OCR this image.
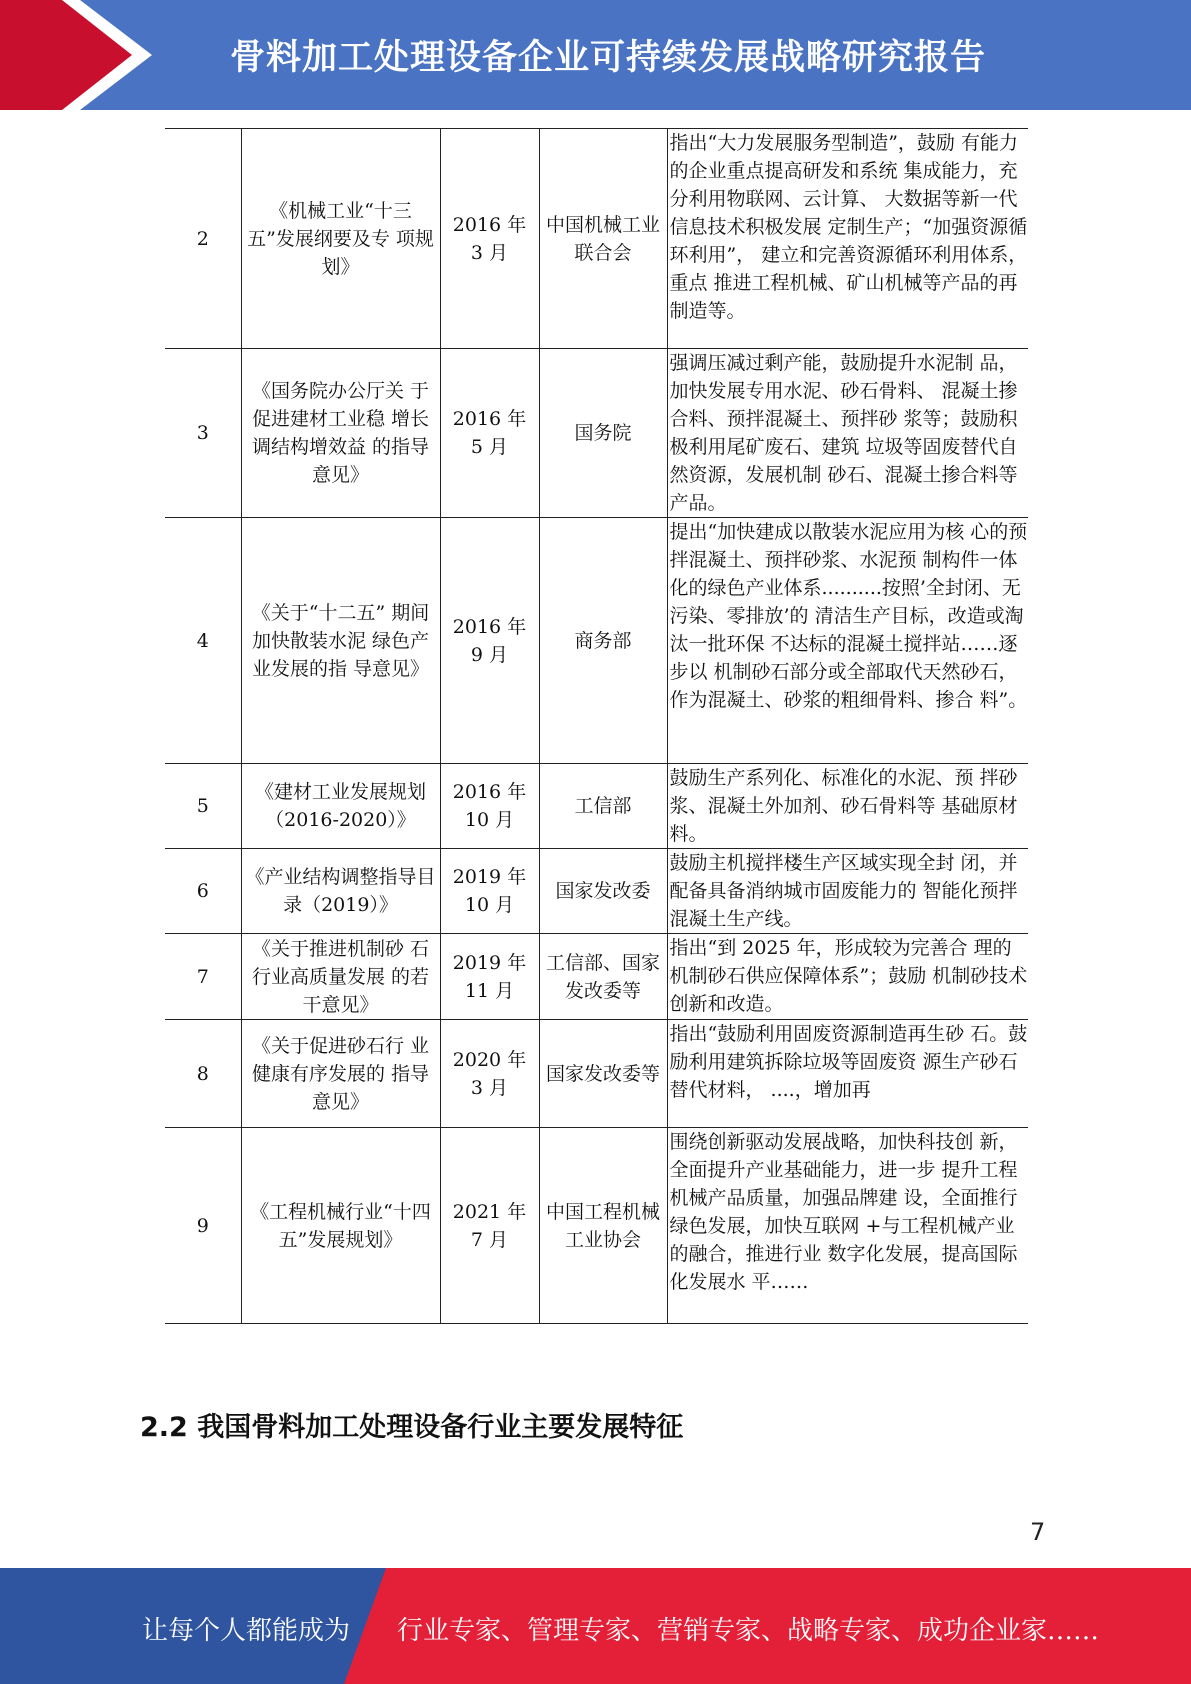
骨料加工处理设备企业可持续发展战略研究报告
2	《机械工业“十三五”发展纲要及专 项规划》	2016 年 3 月	中国机械工业联合会	指出“大力发展服务型制造”，鼓励 有能力的企业重点提高研发和系统 集成能力，充分利用物联网、云计算、 大数据等新一代信息技术积极发展 定制生产；“加强资源循环利用”， 建立和完善资源循环利用体系，重点 推进工程机械、矿山机械等产品的再 制造等。
3	《国务院办公厅关 于促进建材工业稳 增长调结构增效益 的指导意见》	2016 年 5 月	国务院	强调压减过剩产能，鼓励提升水泥制 品，加快发展专用水泥、砂石骨料、 混凝土掺合料、预拌混凝土、预拌砂 浆等；鼓励积极利用尾矿废石、建筑 垃圾等固废替代自然资源，发展机制 砂石、混凝土掺合料等产品。
4	《关于“十二五” 期间加快散装水泥 绿色产业发展的指 导意见》	2016 年 9 月	商务部	提出“加快建成以散装水泥应用为核 心的预拌混凝土、预拌砂浆、水泥预 制构件一体化的绿色产业体系..........按照’全封闭、无污染、零排放’的 清洁生产目标，改造或淘汰一批环保 不达标的混凝土搅拌站……逐步以 机制砂石部分或全部取代天然砂石， 作为混凝土、砂浆的粗细骨料、掺合 料”。
5	《建材工业发展规划（2016-2020）》	2016 年 10 月	工信部	鼓励生产系列化、标准化的水泥、预 拌砂浆、混凝土外加剂、砂石骨料等 基础原材料。
6	《产业结构调整指导目录（2019）》	2019 年 10 月	国家发改委	鼓励主机搅拌楼生产区域实现全封 闭，并配备具备消纳城市固废能力的 智能化预拌混凝土生产线。
7	《关于推进机制砂 石行业高质量发展 的若干意见》	2019 年 11 月	工信部、国家发改委等	指出“到 2025 年，形成较为完善合 理的机制砂石供应保障体系”；鼓励 机制砂技术创新和改造。
8	《关于促进砂石行 业健康有序发展的 指导意见》	2020 年 3 月	国家发改委等	指出“鼓励利用固废资源制造再生砂 石。鼓励利用建筑拆除垃圾等固废资 源生产砂石替代材料， ....，增加再
9	《工程机械行业“十四五”发展规划》	2021 年 7 月	中国工程机械工业协会	围绕创新驱动发展战略，加快科技创 新，全面提升产业基础能力，进一步 提升工程机械产品质量，加强品牌建 设，全面推行绿色发展，加快互联网 +与工程机械产业的融合，推进行业 数字化发展，提高国际化发展水 平……
2.2 我国骨料加工处理设备行业主要发展特征
7
让每个人都能成为 行业专家、管理专家、营销专家、战略专家、成功企业家……
